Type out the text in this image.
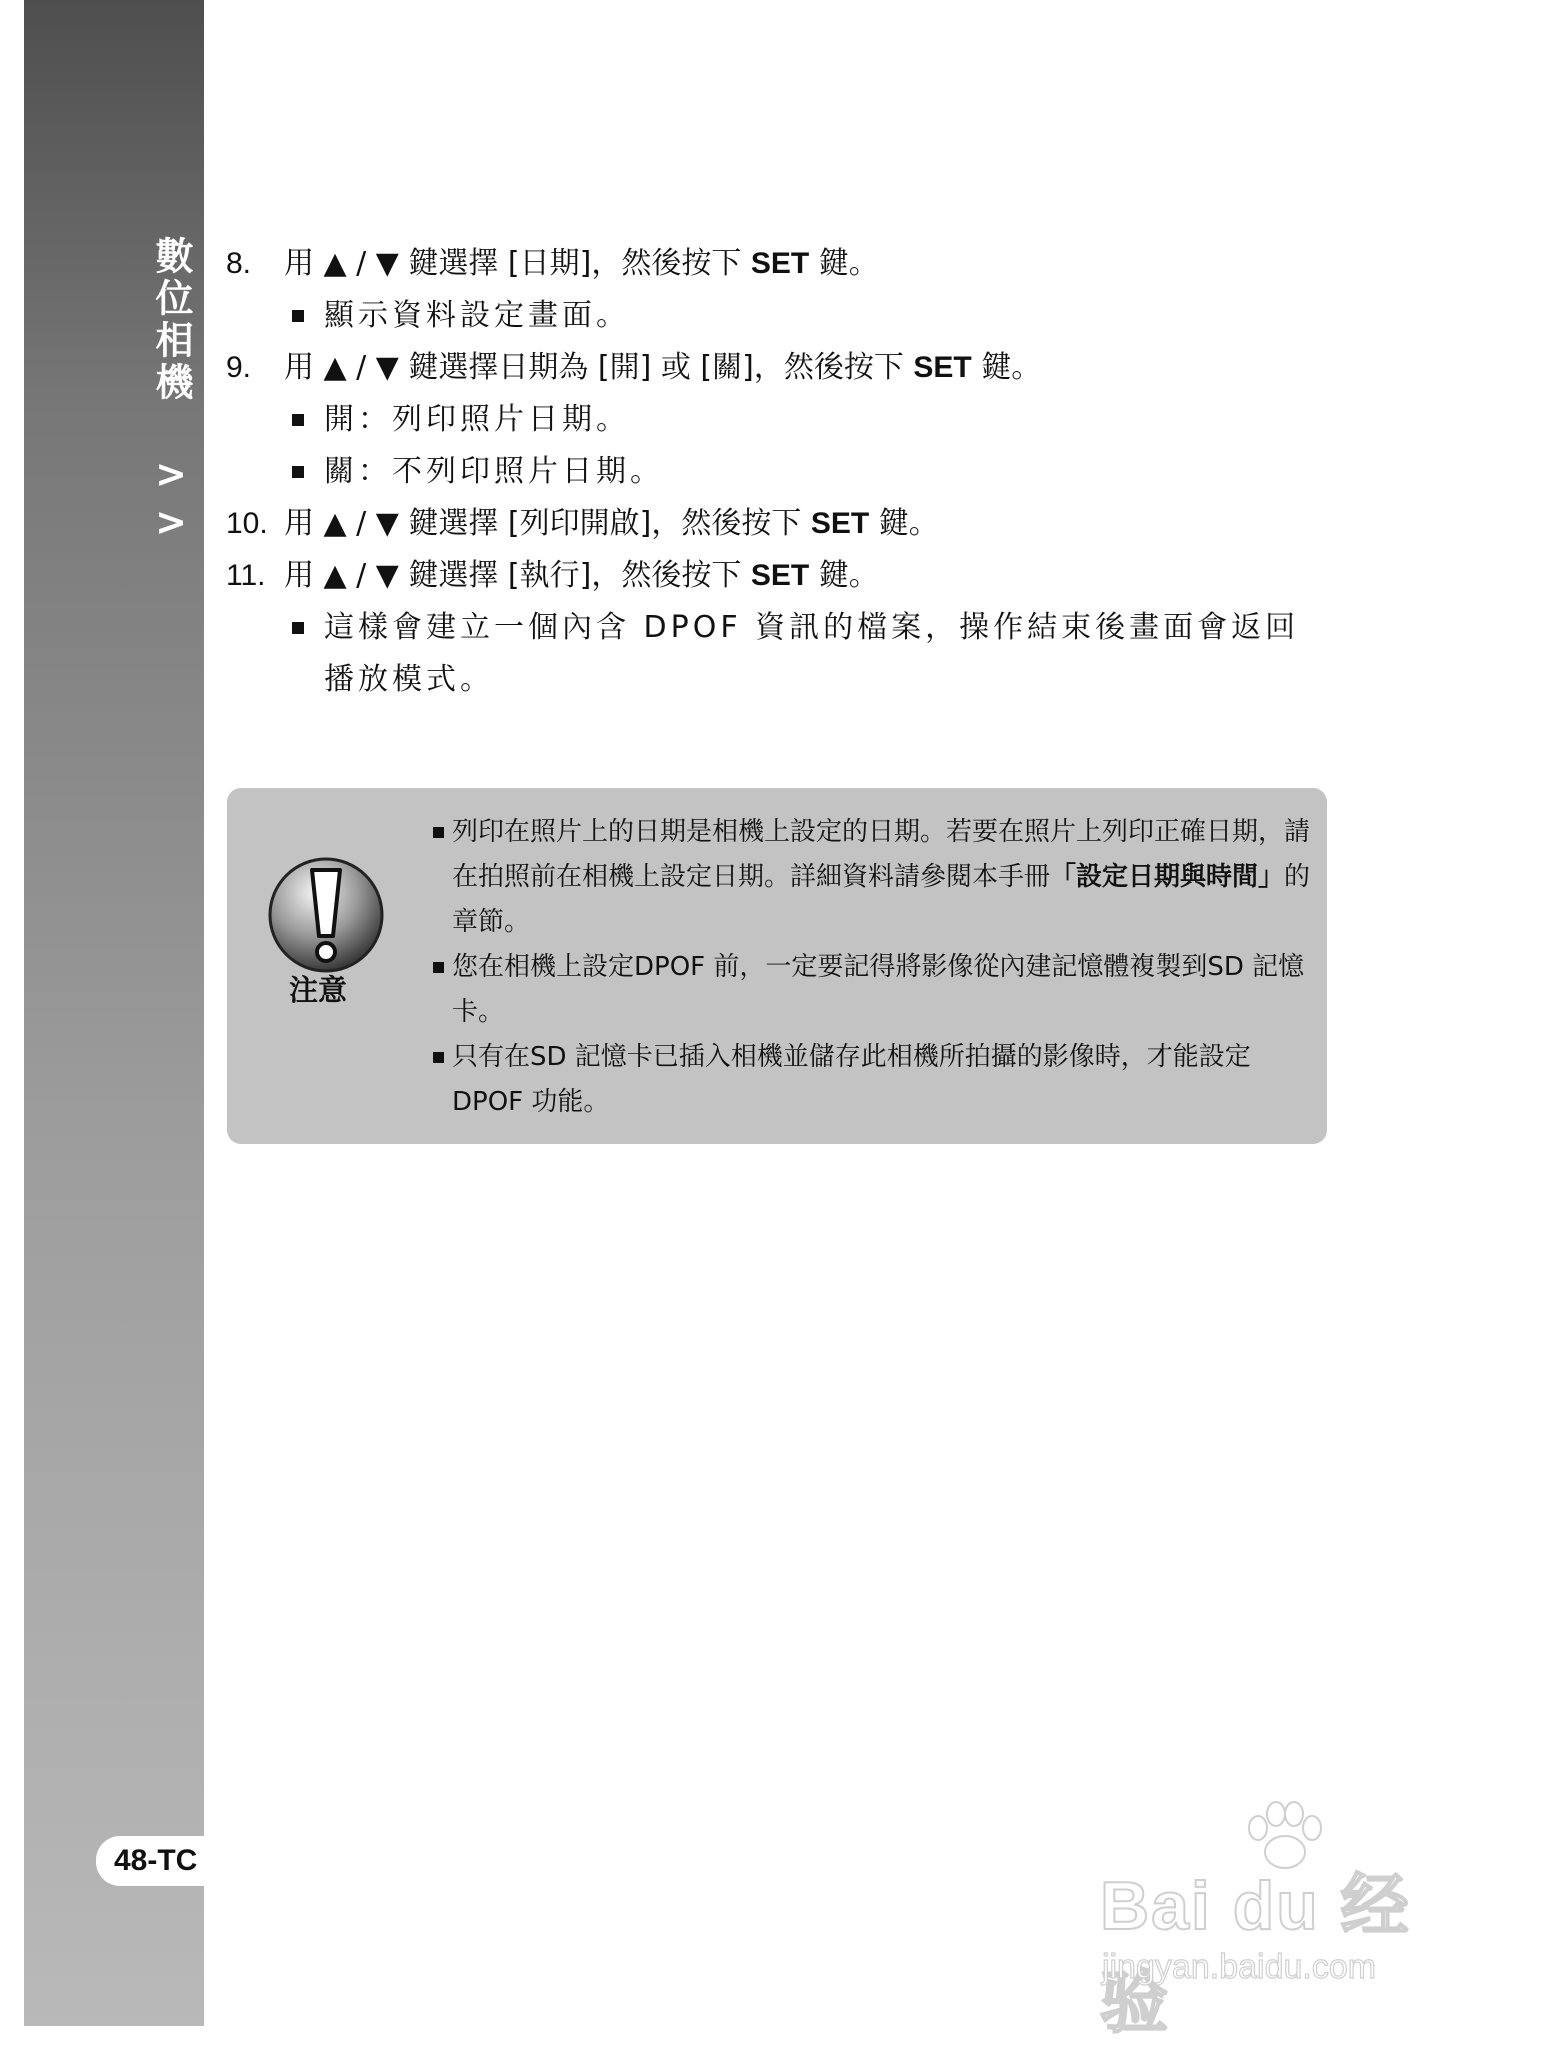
數位相機 >>
48-TC
8.	用 ▲ / ▼ 鍵選擇 [日期]，然後按下 SET 鍵。
顯示資料設定畫面。
9.	用 ▲ / ▼ 鍵選擇日期為 [開] 或 [關]，然後按下 SET 鍵。
開：列印照片日期。
關：不列印照片日期。
10. 用 ▲ / ▼ 鍵選擇 [列印開啟]，然後按下 SET 鍵。
11. 用 ▲ / ▼ 鍵選擇 [執行]，然後按下 SET 鍵。
這樣會建立一個內含 DPOF 資訊的檔案，操作結束後畫面會返回播放模式。
注意
列印在照片上的日期是相機上設定的日期。若要在照片上列印正確日期，請在拍照前在相機上設定日期。詳細資料請參閱本手冊「設定日期與時間」的章節。
您在相機上設定DPOF 前，一定要記得將影像從內建記憶體複製到SD 記憶卡。
只有在SD 記憶卡已插入相機並儲存此相機所拍攝的影像時，才能設定DPOF 功能。
Bai du 经验
jingyan.baidu.com
